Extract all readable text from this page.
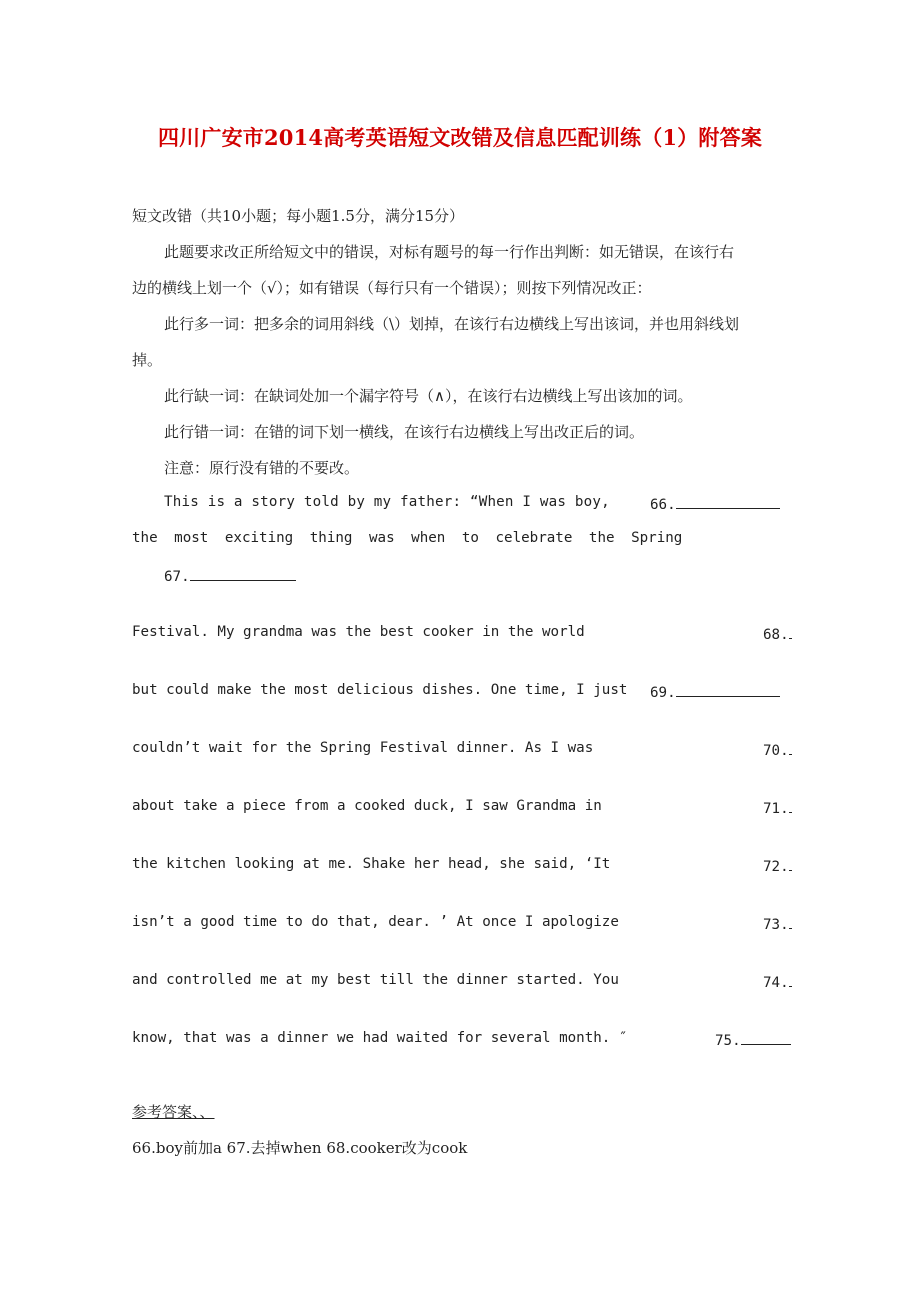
四川广安市2014高考英语短文改错及信息匹配训练（1）附答案
短文改错（共10小题；每小题1.5分，满分15分）
此题要求改正所给短文中的错误，对标有题号的每一行作出判断：如无错误，在该行右
边的横线上划一个（√）；如有错误（每行只有一个错误）；则按下列情况改正：
此行多一词：把多余的词用斜线（\）划掉，在该行右边横线上写出该词，并也用斜线划
掉。
此行缺一词：在缺词处加一个漏字符号（∧），在该行右边横线上写出该加的词。
此行错一词：在错的词下划一横线，在该行右边横线上写出改正后的词。
注意：原行没有错的不要改。
This is a story told by my father: “When I was boy,	66.
the most exciting thing was when to celebrate the Spring
67.
Festival. My grandma was the best cooker in the world	68.
but could make the most delicious dishes. One time, I just 69.
couldn’t wait for the Spring Festival dinner. As I was	70.
about take a piece from a cooked duck, I saw Grandma in	71.
the kitchen looking at me. Shake her head, she said, ‘It	72.
isn’t a good time to do that, dear. ’ At once I apologize	73.
and controlled me at my best till the dinner started. You	74.
know, that was a dinner we had waited for several month. ″	75.
参考答案、、
66.boy前加a 67.去掉when 68.cooker改为cook
